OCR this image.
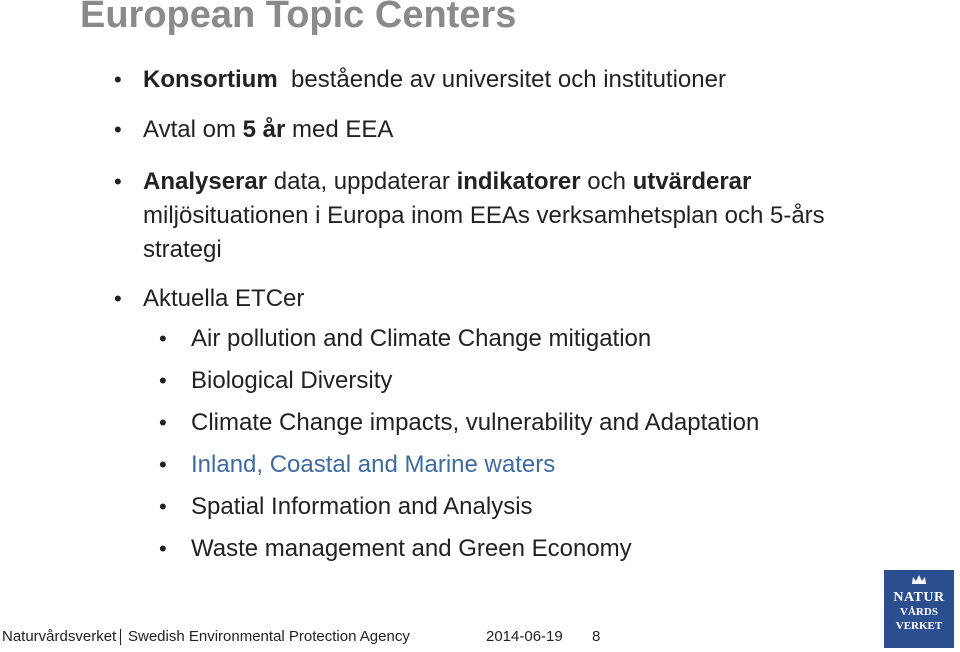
European Topic Centers
• Konsortium bestående av universitet och institutioner
• Avtal om 5 år med EEA
• Analyserar data, uppdaterar indikatorer och utvärderar miljösituationen i Europa inom EEAs verksamhetsplan och 5-års strategi
• Aktuella ETCer
• Air pollution and Climate Change mitigation
• Biological Diversity
• Climate Change impacts, vulnerability and Adaptation
• Inland, Coastal and Marine waters
• Spatial Information and Analysis
• Waste management and Green Economy
Naturvårdsverket Swedish Environmental Protection Agency	2014-06-19 8
NATUR
VÅRDS
VERKET
